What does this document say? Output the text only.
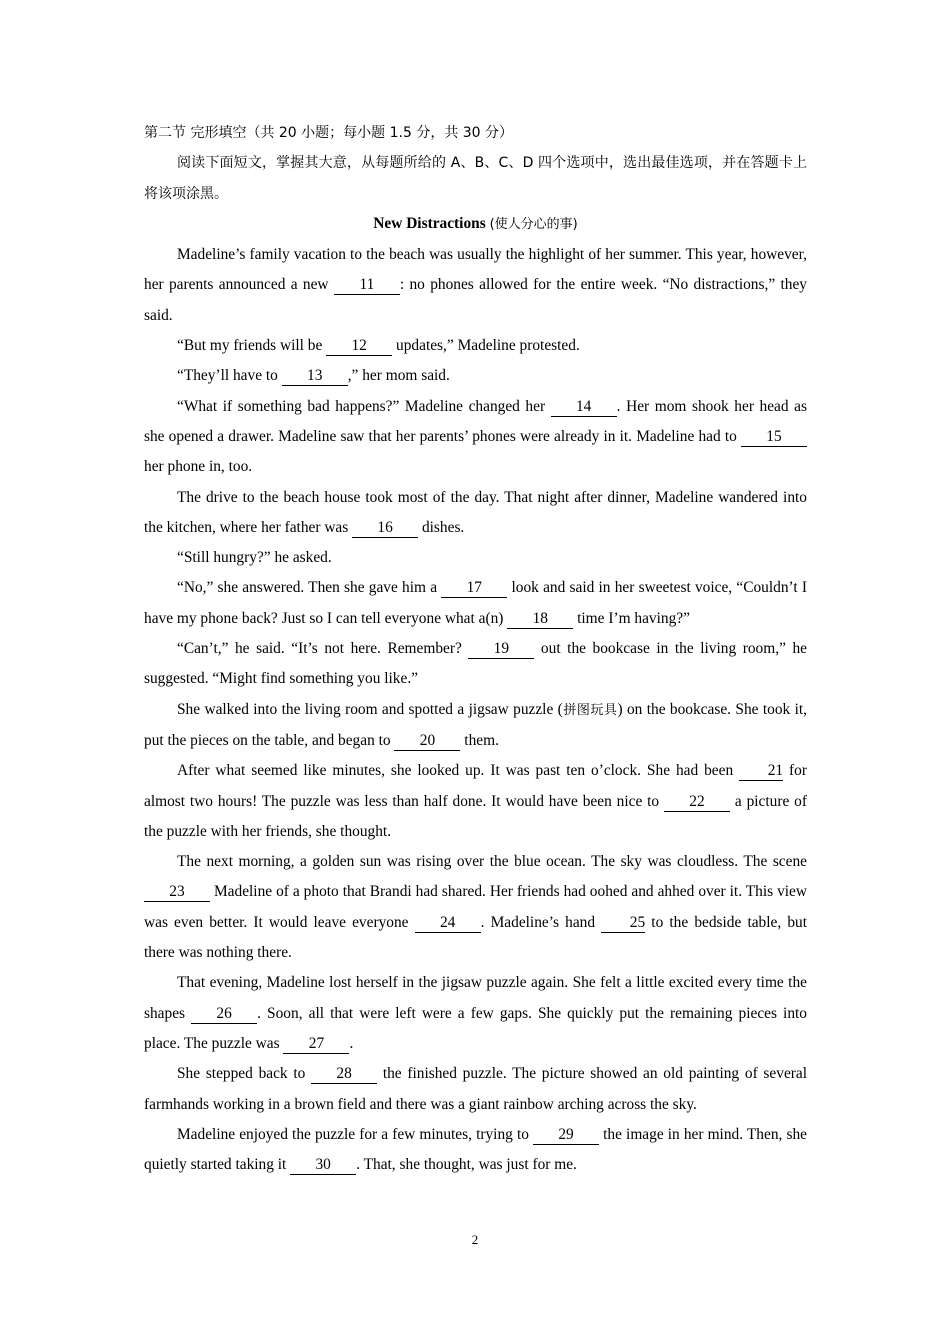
第二节 完形填空（共 20 小题；每小题 1.5 分，共 30 分）

阅读下面短文，掌握其大意，从每题所给的 A、B、C、D 四个选项中，选出最佳选项，并在答题卡上将该项涂黑。

New Distractions (使人分心的事)

Madeline’s family vacation to the beach was usually the highlight of her summer. This year, however, her parents announced a new 11 : no phones allowed for the entire week. “No distractions,” they said.

“But my friends will be 12 updates,” Madeline protested.

“They’ll have to 13 ,” her mom said.

“What if something bad happens?” Madeline changed her 14 . Her mom shook her head as she opened a drawer. Madeline saw that her parents’ phones were already in it. Madeline had to 15 her phone in, too.

The drive to the beach house took most of the day. That night after dinner, Madeline wandered into the kitchen, where her father was 16 dishes.

“Still hungry?” he asked.

“No,” she answered. Then she gave him a 17 look and said in her sweetest voice, “Couldn’t I have my phone back? Just so I can tell everyone what a(n) 18 time I’m having?”

“Can’t,” he said. “It’s not here. Remember? 19 out the bookcase in the living room,” he suggested. “Might find something you like.”

She walked into the living room and spotted a jigsaw puzzle (拼图玩具) on the bookcase. She took it, put the pieces on the table, and began to 20 them.

After what seemed like minutes, she looked up. It was past ten o’clock. She had been 21 for almost two hours! The puzzle was less than half done. It would have been nice to 22 a picture of the puzzle with her friends, she thought.

The next morning, a golden sun was rising over the blue ocean. The sky was cloudless. The scene 23 Madeline of a photo that Brandi had shared. Her friends had oohed and ahhed over it. This view was even better. It would leave everyone 24 . Madeline’s hand 25 to the bedside table, but there was nothing there.

That evening, Madeline lost herself in the jigsaw puzzle again. She felt a little excited every time the shapes 26 . Soon, all that were left were a few gaps. She quickly put the remaining pieces into place. The puzzle was 27 .

She stepped back to 28 the finished puzzle. The picture showed an old painting of several farmhands working in a brown field and there was a giant rainbow arching across the sky.

Madeline enjoyed the puzzle for a few minutes, trying to 29 the image in her mind. Then, she quietly started taking it 30 . That, she thought, was just for me.

2
